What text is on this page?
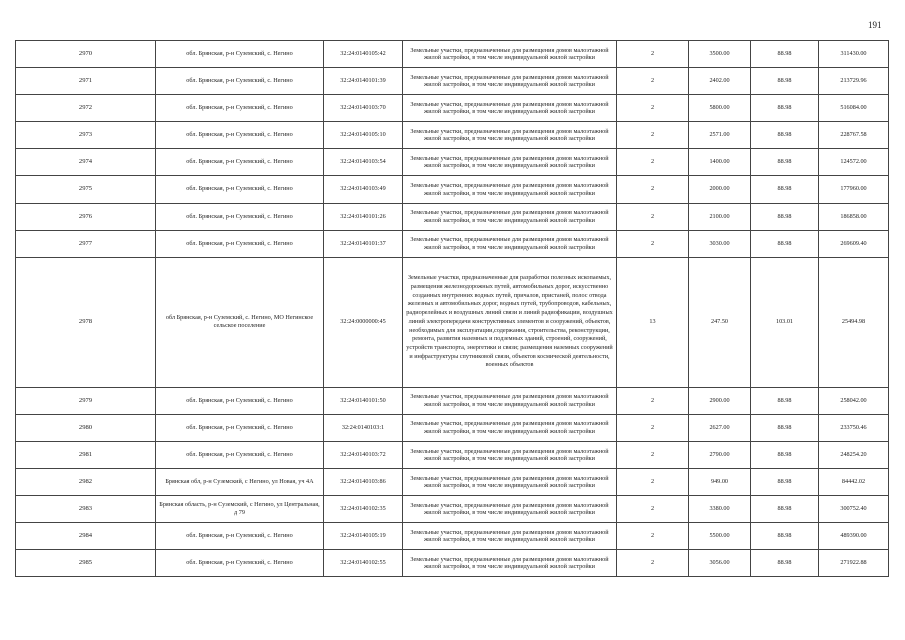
191
2970	обл. Брянская, р-н Суземский, с. Негино	32:24:0140105:42	Земельные участки, предназначенные для размещения домов малоэтажной жилой застройки, в том числе индивидуальной жилой застройки	2	3500.00	88.98	311430.00
2971	обл. Брянская, р-н Суземский, с. Негино	32:24:0140101:39	Земельные участки, предназначенные для размещения домов малоэтажной жилой застройки, в том числе индивидуальной жилой застройки	2	2402.00	88.98	213729.96
2972	обл. Брянская, р-н Суземский, с. Негино	32:24:0140103:70	Земельные участки, предназначенные для размещения домов малоэтажной жилой застройки, в том числе индивидуальной жилой застройки	2	5800.00	88.98	516084.00
2973	обл. Брянская, р-н Суземский, с. Негино	32:24:0140105:10	Земельные участки, предназначенные для размещения домов малоэтажной жилой застройки, в том числе индивидуальной жилой застройки	2	2571.00	88.98	228767.58
2974	обл. Брянская, р-н Суземский, с. Негино	32:24:0140103:54	Земельные участки, предназначенные для размещения домов малоэтажной жилой застройки, в том числе индивидуальной жилой застройки	2	1400.00	88.98	124572.00
2975	обл. Брянская, р-н Суземский, с. Негино	32:24:0140103:49	Земельные участки, предназначенные для размещения домов малоэтажной жилой застройки, в том числе индивидуальной жилой застройки	2	2000.00	88.98	177960.00
2976	обл. Брянская, р-н Суземский, с. Негино	32:24:0140101:26	Земельные участки, предназначенные для размещения домов малоэтажной жилой застройки, в том числе индивидуальной жилой застройки	2	2100.00	88.98	186858.00
2977	обл. Брянская, р-н Суземский, с. Негино	32:24:0140101:37	Земельные участки, предназначенные для размещения домов малоэтажной жилой застройки, в том числе индивидуальной жилой застройки	2	3030.00	88.98	269609.40
2978	обл Брянская, р-н Суземский, с. Негино, МО Негинское сельское поселение	32:24:0000000:45	Земельные участки, предназначенные для разработки полезных ископаемых, размещения железнодорожных путей, автомобильных дорог, искусственно созданных внутренних водных путей, причалов, пристаней, полос отвода железных и автомобильных дорог, водных путей, трубопроводов, кабельных, радиорелейных и воздушных линий связи и линий радиофикации, воздушных линий электропередачи конструктивных элементов и сооружений, объектов, необходимых для эксплуатации,содержания, строительства, реконструкции, ремонта, развития наземных и подземных зданий, строений, сооружений, устройств транспорта, энергетики и связи; размещения наземных сооружений и инфраструктуры спутниковой связи, объектов космической деятельности, военных объектов	13	247.50	103.01	25494.98
2979	обл. Брянская, р-н Суземский, с. Негино	32:24:0140101:50	Земельные участки, предназначенные для размещения домов малоэтажной жилой застройки, в том числе индивидуальной жилой застройки	2	2900.00	88.98	258042.00
2980	обл. Брянская, р-н Суземский, с. Негино	32:24:0140103:1	Земельные участки, предназначенные для размещения домов малоэтажной жилой застройки, в том числе индивидуальной жилой застройки	2	2627.00	88.98	233750.46
2981	обл. Брянская, р-н Суземский, с. Негино	32:24:0140103:72	Земельные участки, предназначенные для размещения домов малоэтажной жилой застройки, в том числе индивидуальной жилой застройки	2	2790.00	88.98	248254.20
2982	Брянская обл, р-н Суземский, с Негино, ул Новая, уч 4А	32:24:0140103:86	Земельные участки, предназначенные для размещения домов малоэтажной жилой застройки, в том числе индивидуальной жилой застройки	2	949.00	88.98	84442.02
2983	Брянская область, р-н Суземский, с Негино, ул Центральная, д 79	32:24:0140102:35	Земельные участки, предназначенные для размещения домов малоэтажной жилой застройки, в том числе индивидуальной жилой застройки	2	3380.00	88.98	300752.40
2984	обл. Брянская, р-н Суземский, с. Негино	32:24:0140105:19	Земельные участки, предназначенные для размещения домов малоэтажной жилой застройки, в том числе индивидуальной жилой застройки	2	5500.00	88.98	489390.00
2985	обл. Брянская, р-н Суземский, с. Негино	32:24:0140102:55	Земельные участки, предназначенные для размещения домов малоэтажной жилой застройки, в том числе индивидуальной жилой застройки	2	3056.00	88.98	271922.88
